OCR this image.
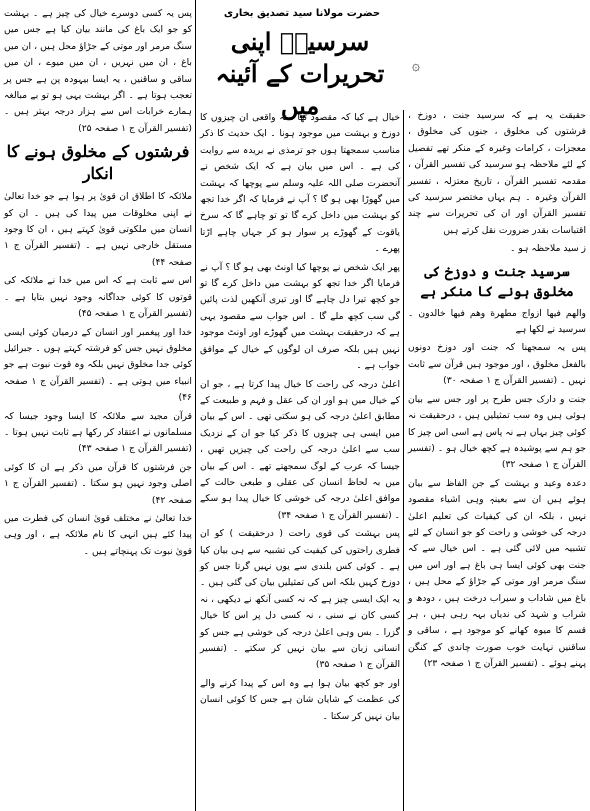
حضرت مولانا سید تصدیق بخاری
سرسیدؒ اپنی تحریرات کے آئینہ میں
۞

حقیقت یہ ہے کہ سرسید جنت ، دوزخ ، فرشتوں کی مخلوق ، جنوں کی مخلوق ، معجزات ، کرامات وغیرہ کے منکر تھے تفصیل کے لئے ملاحظہ ہو سرسید کی تفسیر القرآن ، مقدمہ تفسیر القرآن ، تاریخ معتزلہ ، تفسیر القرآن وغیرہ ۔ ہم یہاں مختصر سرسید کی تفسیر القرآن اور ان کی تحریرات سے چند اقتباسات بقدر ضرورت نقل کرتے ہیں

ز سید ملاحظہ ہو ۔

سرسید جنت و دوزخ کی مخلوق ہونے کا منکر ہے

والهم فيها ازواج مطهرة وهم فيها خالدون ۔ سرسید نے لکھا ہے

پس یہ سمجھنا کہ جنت اور دوزخ دونوں بالفعل مخلوق ، اور موجود ہیں قرآن سے ثابت نہیں ۔ (تفسیر القرآن ج ۱ صفحہ ۳۰)

جنت و دارک جس طرح پر اور جس سے بیان ہوئی ہیں وہ سب تمثیلیں ہیں ، درحقیقت نہ کوئی چیز بہاں ہے نہ پاس ہے اسی اس چیز کا جو ہم سے پوشیدہ ہے کچھ خیال ہو ۔ (تفسیر القرآن ج ۱ صفحہ ۳۲)

دعدہ وعید و بہشت کے جن الفاظ سے بیان ہوئے ہیں ان سے بعینہٖ وہی اشیاء مقصود نہیں ، بلکہ ان کی کیفیات کی تعلیم اعلیٰ درجہ کی خوشی و راحت کو جو انسان کے لئے تشبیہ میں لائی گئی ہے ۔ اس خیال سے کہ جنت بھی کوئی ایسا ہی باغ ہے اور اس میں سنگ مرمر اور موتی کے جڑاؤ کے محل ہیں ، باغ میں شاداب و سیراب درخت ہیں ، دودھ و شراب و شہد کی ندیاں بہہ رہی ہیں ، ہر قسم کا میوہ کھانے کو موجود ہے ، ساقی و ساقنیں نہایت خوب صورت چاندی کے کنگن پہنے ہوئے ۔ (تفسیر القرآن ج ۱ صفحہ ۲۳)

خیال ہے کیا کہ مقصود تھا ، نہ واقعی ان چیزوں کا دوزخ و بہشت میں موجود ہونا ۔ ایک حدیث کا ذکر مناسب سمجھتا ہوں جو ترمذی نے بریدہ سے روایت کی ہے ۔ اس میں بیان ہے کہ ایک شخص نے آنحضرت صلی اللہ علیہ وسلم سے پوچھا کہ بہشت میں گھوڑا بھی ہو گا ؟ آپ نے فرمایا کہ اگر خدا تجھ کو بہشت میں داخل کرے گا تو تو چاہے گا کہ سرخ یاقوت کے گھوڑے پر سوار ہو کر جہاں چاہے اڑتا پھرے ۔

پھر ایک شخص نے پوچھا کیا اونٹ بھی ہو گا ؟ آپ نے فرمایا اگر خدا تجھ کو بہشت میں داخل کرے گا تو جو کچھ تیرا دل چاہے گا اور تیری آنکھیں لذت پائیں گی سب کچھ ملے گا ۔ اس جواب سے مقصود یہی ہے کہ درحقیقت بہشت میں گھوڑے اور اونٹ موجود نہیں ہیں بلکہ صرف ان لوگوں کے خیال کے موافق جواب ہے ۔

اعلیٰ درجہ کی راحت کا خیال پیدا کرتا ہے ، جو ان کے خیال میں ہو اور ان کی عقل و فہم و طبیعت کے مطابق اعلیٰ درجہ کی ہو سکتی تھی ۔ اس کے بیان میں ایسی ہی چیزوں کا ذکر کیا جو ان کے نزدیک سب سے اعلیٰ درجہ کی راحت کی چیزیں تھیں ، جیسا کہ عرب کے لوگ سمجھتے تھے ۔ اس کے بیان میں بہ لحاظ انسان کی عقلی و طبعی حالت کے موافق اعلیٰ درجہ کی خوشی کا خیال پیدا ہو سکے ۔ (تفسیر القرآن ج ۱ صفحہ ۳۴)

پس بہشت کی قوی راحت ( درحقیقت ) کو ان فطری راحتوں کی کیفیت کی تشبیہ سے ہی بیان کیا ہے ۔ کوئی کس بلندی سے یوں نہیں گرتا جس کو دوزخ کہیں بلکہ اس کی تمثیلیں بیان کی گئی ہیں ۔ یہ ایک ایسی چیز ہے کہ نہ کسی آنکھ نے دیکھی ، نہ کسی کان نے سنی ، نہ کسی دل پر اس کا خیال گزرا ۔ بس وہی اعلیٰ درجہ کی خوشی ہے جس کو انسانی زبان سے بیان نہیں کر سکتے ۔ (تفسیر القرآن ج ۱ صفحہ ۳۵)

اور جو کچھ بیان ہوا ہے وہ اس کے پیدا کرنے والے کی عظمت کے شایان شان ہے جس کا کوئی انسان بیان نہیں کر سکتا ۔

پس یہ کسی دوسرے خیال کی چیز ہے ۔ بہشت کو جو ایک باغ کی مانند بیان کیا ہے جس میں سنگ مرمر اور موتی کے جڑاؤ محل ہیں ، ان میں باغ ، ان میں نہریں ، ان میں میوے ، ان میں ساقی و ساقنیں ، یہ ایسا بیہودہ پن ہے جس پر تعجب ہوتا ہے ۔ اگر بہشت یہی ہو تو بے مبالغہ ہمارے خرابات اس سے ہزار درجہ بہتر ہیں ۔ (تفسیر القرآن ج ۱ صفحہ ۲۵)

فرشتوں کے مخلوق ہونے کا انکار

ملائکہ کا اطلاق ان قویٰ پر ہوا ہے جو خدا تعالیٰ نے اپنی مخلوقات میں پیدا کی ہیں ۔ ان کو انسان میں ملکوتی قویٰ کہتے ہیں ، ان کا وجود مستقل خارجی نہیں ہے ۔ (تفسیر القرآن ج ۱ صفحہ ۴۴)

اس سے ثابت ہے کہ اس میں خدا نے ملائکہ کی قوتوں کا کوئی جداگانہ وجود نہیں بتایا ہے ۔ (تفسیر القرآن ج ۱ صفحہ ۴۵)

خدا اور پیغمبر اور انسان کے درمیان کوئی ایسی مخلوق نہیں جس کو فرشتہ کہتے ہوں ۔ جبرائیل کوئی جدا مخلوق نہیں بلکہ وہ قوت نبوت ہے جو انبیاء میں ہوتی ہے ۔ (تفسیر القرآن ج ۱ صفحہ ۴۶)

قرآن مجید سے ملائکہ کا ایسا وجود جیسا کہ مسلمانوں نے اعتقاد کر رکھا ہے ثابت نہیں ہوتا ۔ (تفسیر القرآن ج ۱ صفحہ ۴۳)

جن فرشتوں کا قرآن میں ذکر ہے ان کا کوئی اصلی وجود نہیں ہو سکتا ۔ (تفسیر القرآن ج ۱ صفحہ ۴۲)

خدا تعالیٰ نے مختلف قویٰ انسان کی فطرت میں پیدا کئے ہیں انہی کا نام ملائکہ ہے ، اور وہی قویٰ نبوت تک پہنچاتے ہیں ۔
